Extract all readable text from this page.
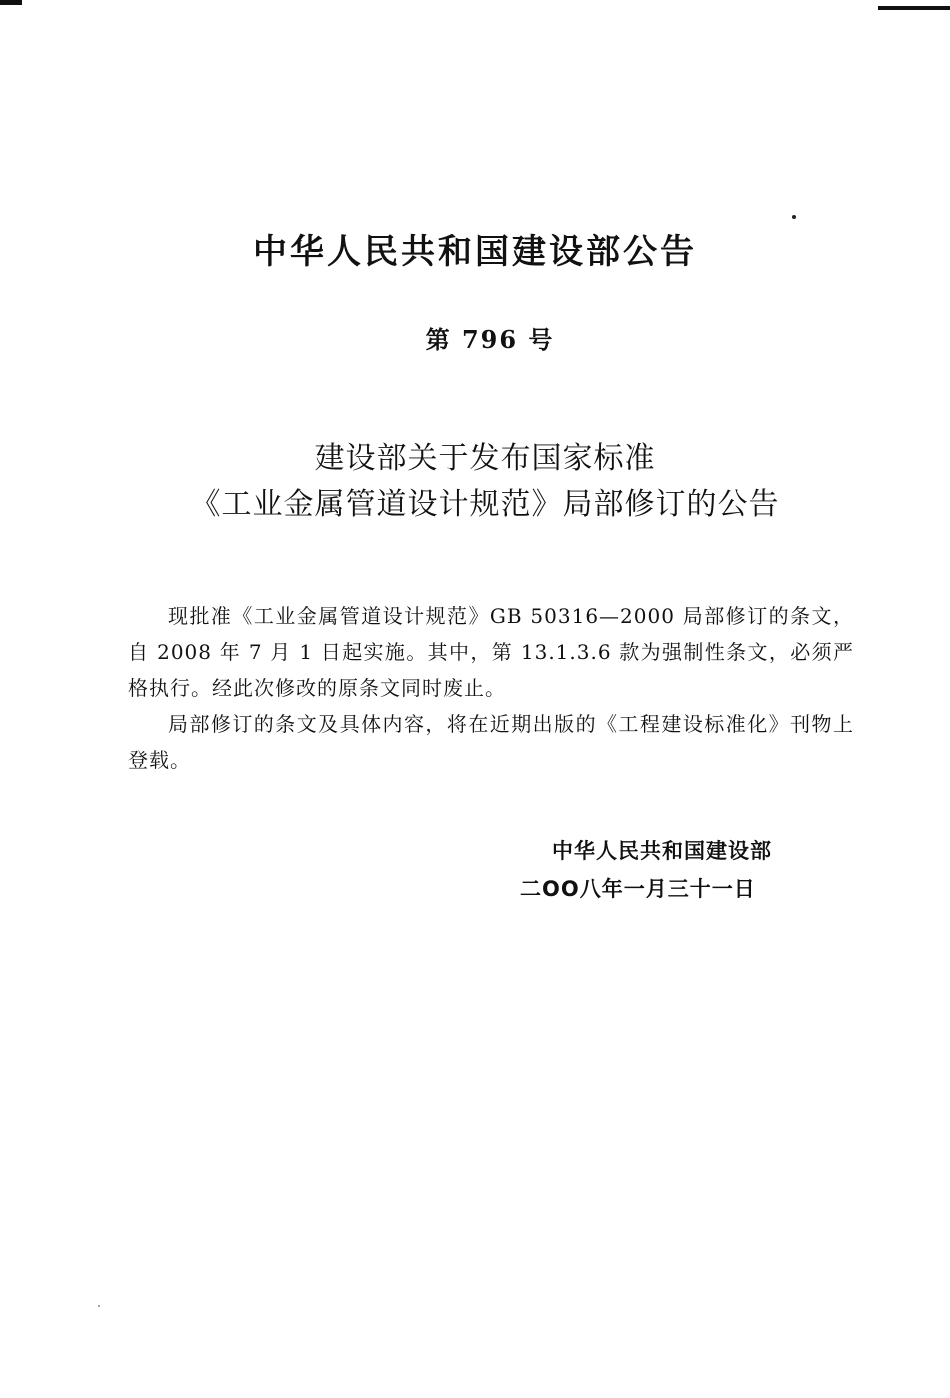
中华人民共和国建设部公告
第 796 号
建设部关于发布国家标准
《工业金属管道设计规范》局部修订的公告

现批准《工业金属管道设计规范》GB 50316—2000 局部修订的条文，自 2008 年 7 月 1 日起实施。其中，第 13.1.3.6 款为强制性条文，必须严格执行。经此次修改的原条文同时废止。

局部修订的条文及具体内容，将在近期出版的《工程建设标准化》刊物上登载。

中华人民共和国建设部
二OO八年一月三十一日
